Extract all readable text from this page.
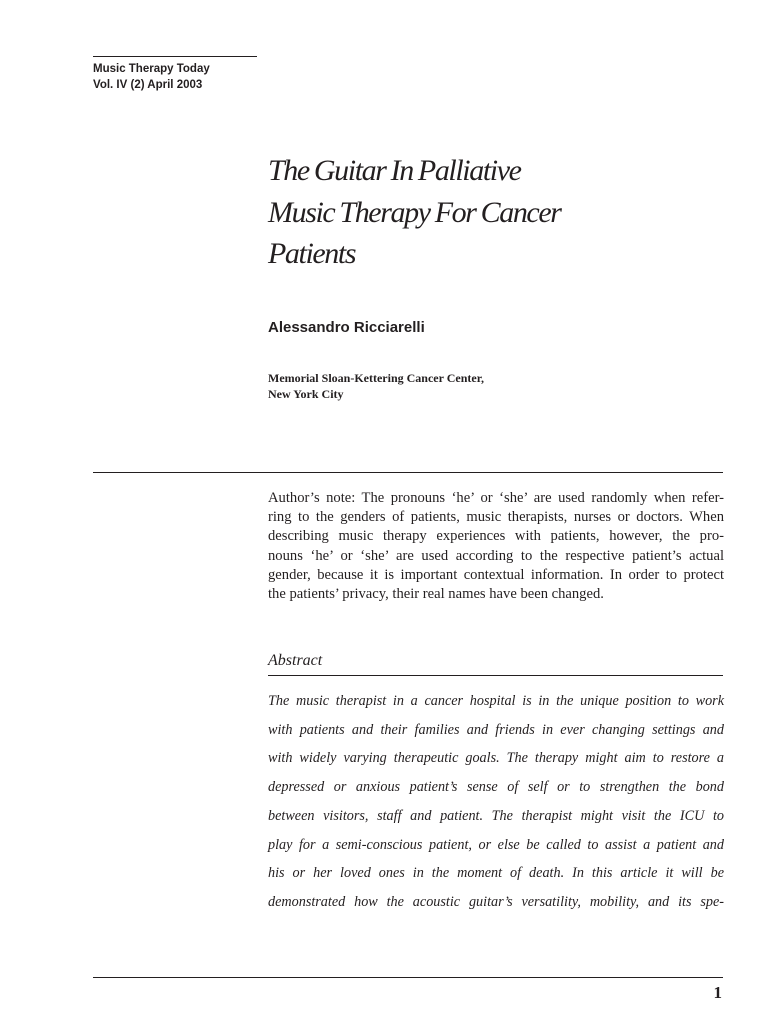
Music Therapy Today
Vol. IV (2) April 2003
The Guitar In Palliative
Music Therapy For Cancer
Patients
Alessandro Ricciarelli
Memorial Sloan-Kettering Cancer Center,
New York City
Author’s note: The pronouns ‘he’ or ‘she’ are used randomly when refer-
ring to the genders of patients, music therapists, nurses or doctors. When
describing music therapy experiences with patients, however, the pro-
nouns ‘he’ or ‘she’ are used according to the respective patient’s actual
gender, because it is important contextual information. In order to protect
the patients’ privacy, their real names have been changed.
Abstract
The music therapist in a cancer hospital is in the unique position to work
with patients and their families and friends in ever changing settings and
with widely varying therapeutic goals. The therapy might aim to restore a
depressed or anxious patient’s sense of self or to strengthen the bond
between visitors, staff and patient. The therapist might visit the ICU to
play for a semi-conscious patient, or else be called to assist a patient and
his or her loved ones in the moment of death. In this article it will be
demonstrated how the acoustic guitar’s versatility, mobility, and its spe-
1
